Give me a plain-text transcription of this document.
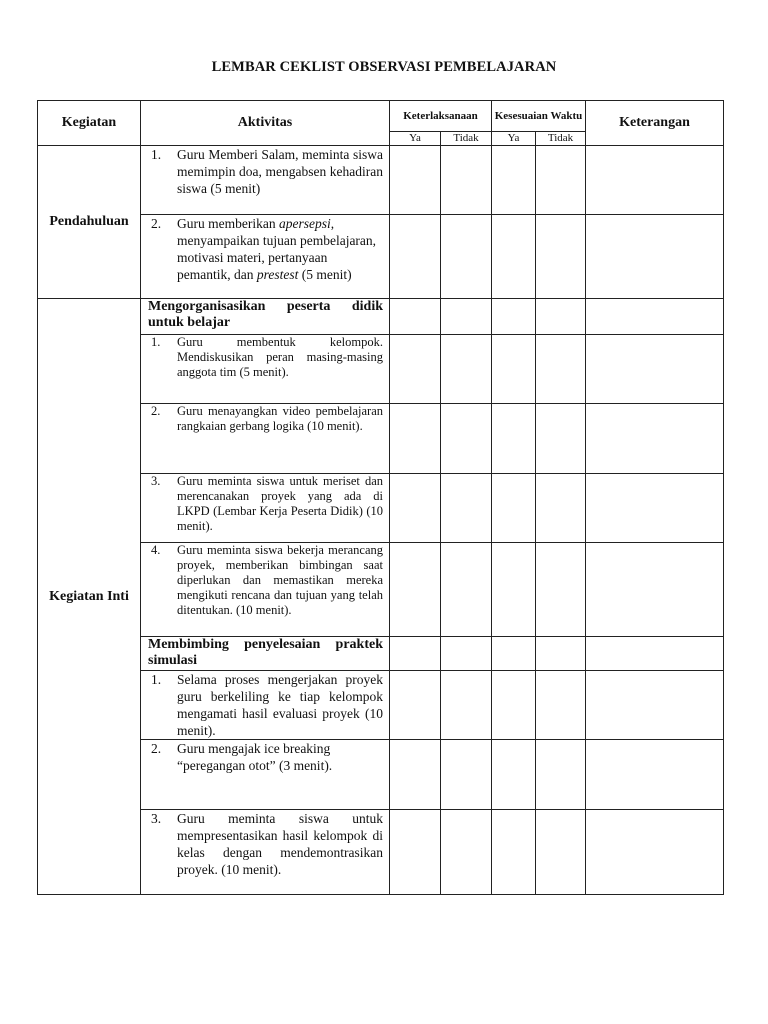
LEMBAR CEKLIST OBSERVASI PEMBELAJARAN
Kegiatan	Aktivitas	Keterlaksanaan		Kesesuaian Waktu		Keterangan
		Ya	Tidak	Ya	Tidak	
Pendahuluan	1. Guru Memberi Salam, meminta siswa memimpin doa, mengabsen kehadiran siswa (5 menit)					

	2. Guru memberikan apersepsi, menyampaikan tujuan pembelajaran, motivasi materi, pertanyaan pemantik, dan prestest (5 menit)					

Kegiatan Inti	Mengorganisasikan peserta didik untuk belajar					

	1. Guru membentuk kelompok. Mendiskusikan peran masing-masing anggota tim (5 menit).					

	2. Guru menayangkan video pembelajaran rangkaian gerbang logika (10 menit).					

	3. Guru meminta siswa untuk meriset dan merencanakan proyek yang ada di LKPD (Lembar Kerja Peserta Didik) (10 menit).					

	4. Guru meminta siswa bekerja merancang proyek, memberikan bimbingan saat diperlukan dan memastikan mereka mengikuti rencana dan tujuan yang telah ditentukan. (10 menit).					

	Membimbing penyelesaian praktek simulasi					

	1. Selama proses mengerjakan proyek guru berkeliling ke tiap kelompok mengamati hasil evaluasi proyek (10 menit).					

	2. Guru mengajak ice breaking “peregangan otot” (3 menit).					

	3. Guru meminta siswa untuk mempresentasikan hasil kelompok di kelas dengan mendemontrasikan proyek. (10 menit).					
